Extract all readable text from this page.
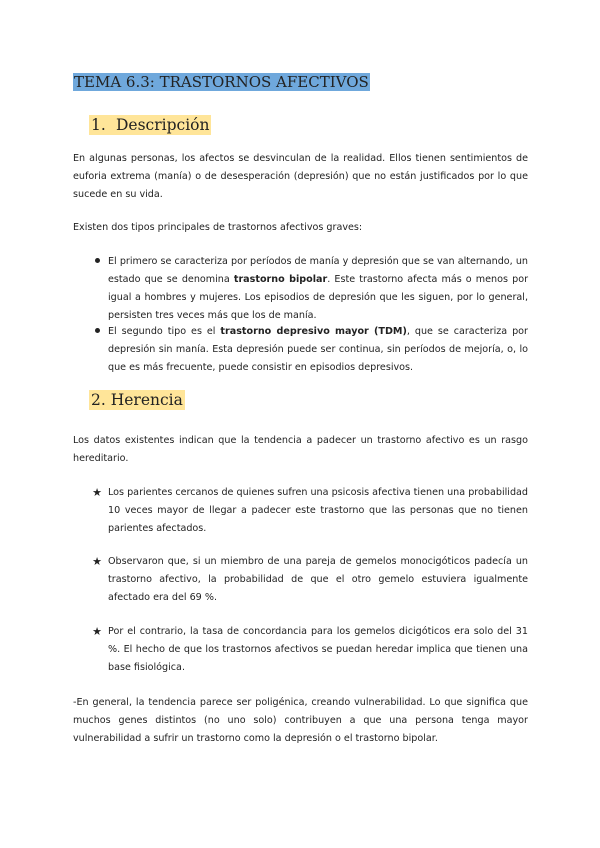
TEMA 6.3: TRASTORNOS AFECTIVOS
1. Descripción
En algunas personas, los afectos se desvinculan de la realidad. Ellos tienen sentimientos de euforia extrema (manía) o de desesperación (depresión) que no están justificados por lo que sucede en su vida.
Existen dos tipos principales de trastornos afectivos graves:
El primero se caracteriza por períodos de manía y depresión que se van alternando, un estado que se denomina trastorno bipolar. Este trastorno afecta más o menos por igual a hombres y mujeres. Los episodios de depresión que les siguen, por lo general, persisten tres veces más que los de manía.
El segundo tipo es el trastorno depresivo mayor (TDM), que se caracteriza por depresión sin manía. Esta depresión puede ser continua, sin períodos de mejoría, o, lo que es más frecuente, puede consistir en episodios depresivos.
2. Herencia
Los datos existentes indican que la tendencia a padecer un trastorno afectivo es un rasgo hereditario.
★ Los parientes cercanos de quienes sufren una psicosis afectiva tienen una probabilidad 10 veces mayor de llegar a padecer este trastorno que las personas que no tienen parientes afectados.
★ Observaron que, si un miembro de una pareja de gemelos monocigóticos padecía un trastorno afectivo, la probabilidad de que el otro gemelo estuviera igualmente afectado era del 69 %.
★ Por el contrario, la tasa de concordancia para los gemelos dicigóticos era solo del 31 %. El hecho de que los trastornos afectivos se puedan heredar implica que tienen una base fisiológica.
-En general, la tendencia parece ser poligénica, creando vulnerabilidad. Lo que significa que muchos genes distintos (no uno solo) contribuyen a que una persona tenga mayor vulnerabilidad a sufrir un trastorno como la depresión o el trastorno bipolar.
